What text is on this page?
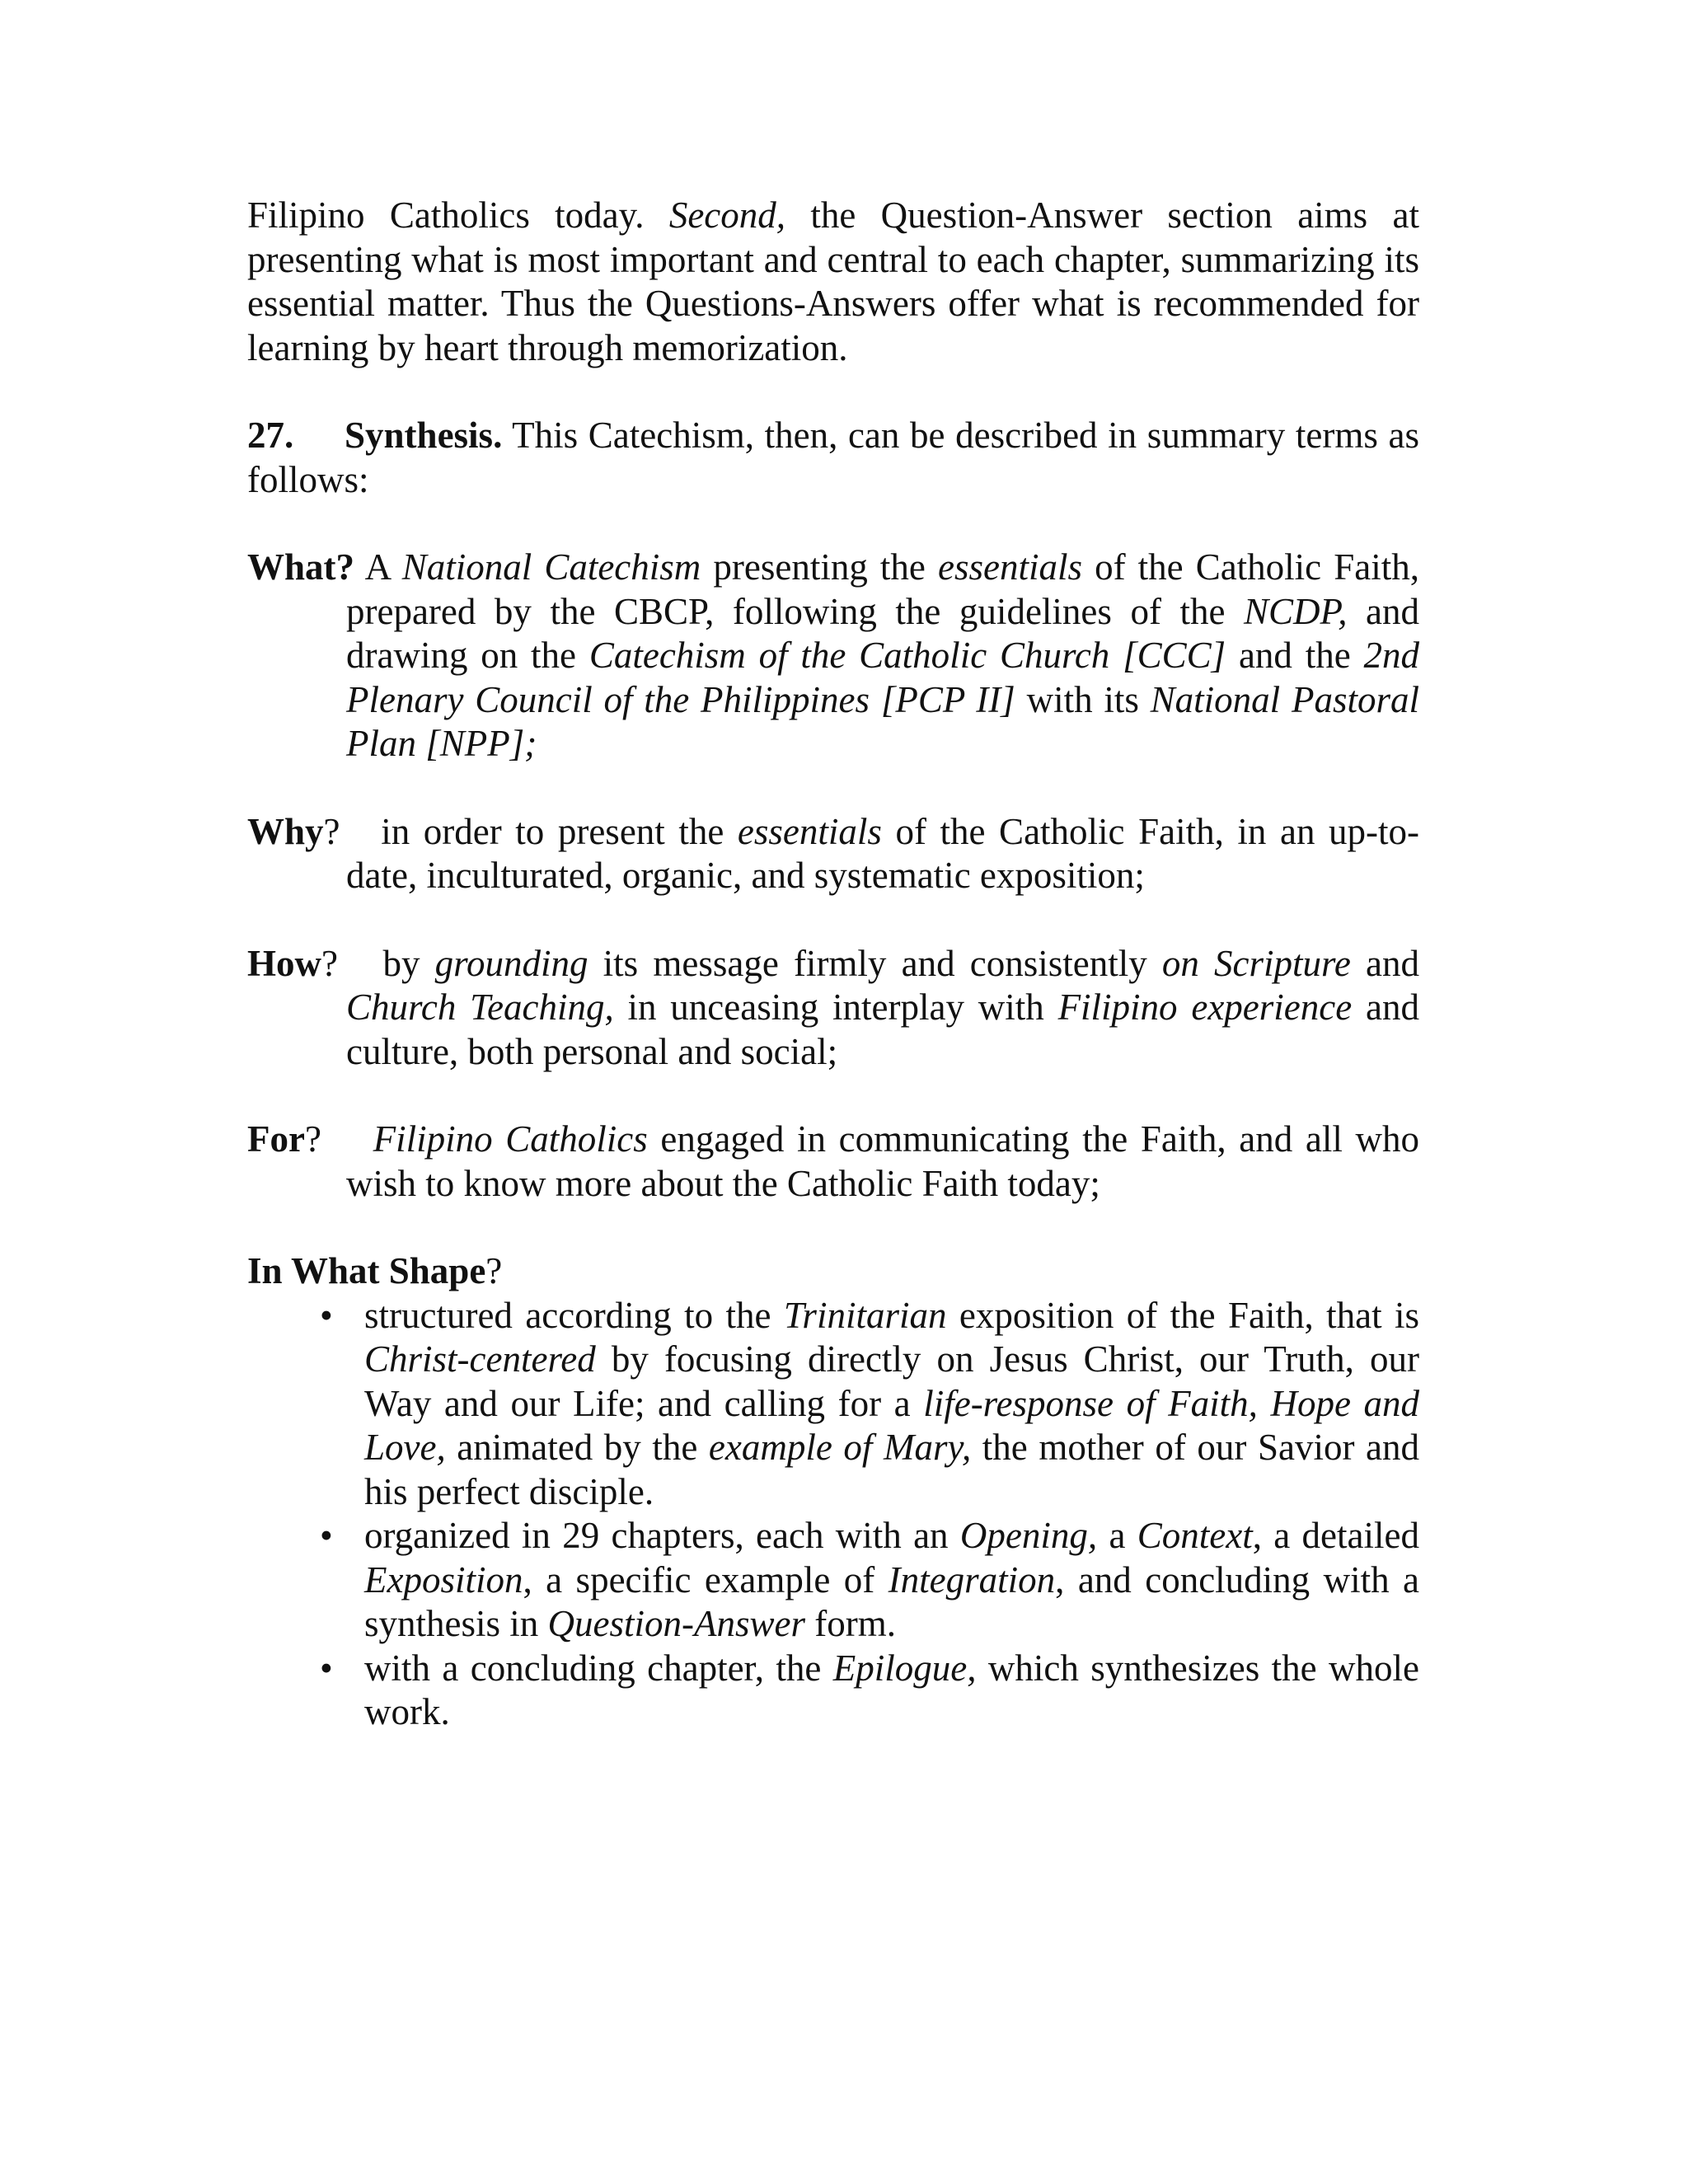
Filipino Catholics today. Second, the Question-Answer section aims at presenting what is most important and central to each chapter, summarizing its essential matter. Thus the Questions-Answers offer what is recommended for learning by heart through memorization.

27. Synthesis. This Catechism, then, can be described in summary terms as follows:

What? A National Catechism presenting the essentials of the Catholic Faith, prepared by the CBCP, following the guidelines of the NCDP, and drawing on the Catechism of the Catholic Church [CCC] and the 2nd Plenary Council of the Philippines [PCP II] with its National Pastoral Plan [NPP];

Why?   in order to present the essentials of the Catholic Faith, in an up-to-date, inculturated, organic, and systematic exposition;

How?   by grounding its message firmly and consistently on Scripture and Church Teaching, in unceasing interplay with Filipino experience and culture, both personal and social;

For? Filipino Catholics engaged in communicating the Faith, and all who wish to know more about the Catholic Faith today;

In What Shape?

• structured according to the Trinitarian exposition of the Faith, that is Christ-centered by focusing directly on Jesus Christ, our Truth, our Way and our Life; and calling for a life-response of Faith, Hope and Love, animated by the example of Mary, the mother of our Savior and his perfect disciple.
• organized in 29 chapters, each with an Opening, a Context, a detailed Exposition, a specific example of Integration, and concluding with a synthesis in Question-Answer form.
• with a concluding chapter, the Epilogue, which synthesizes the whole work.
